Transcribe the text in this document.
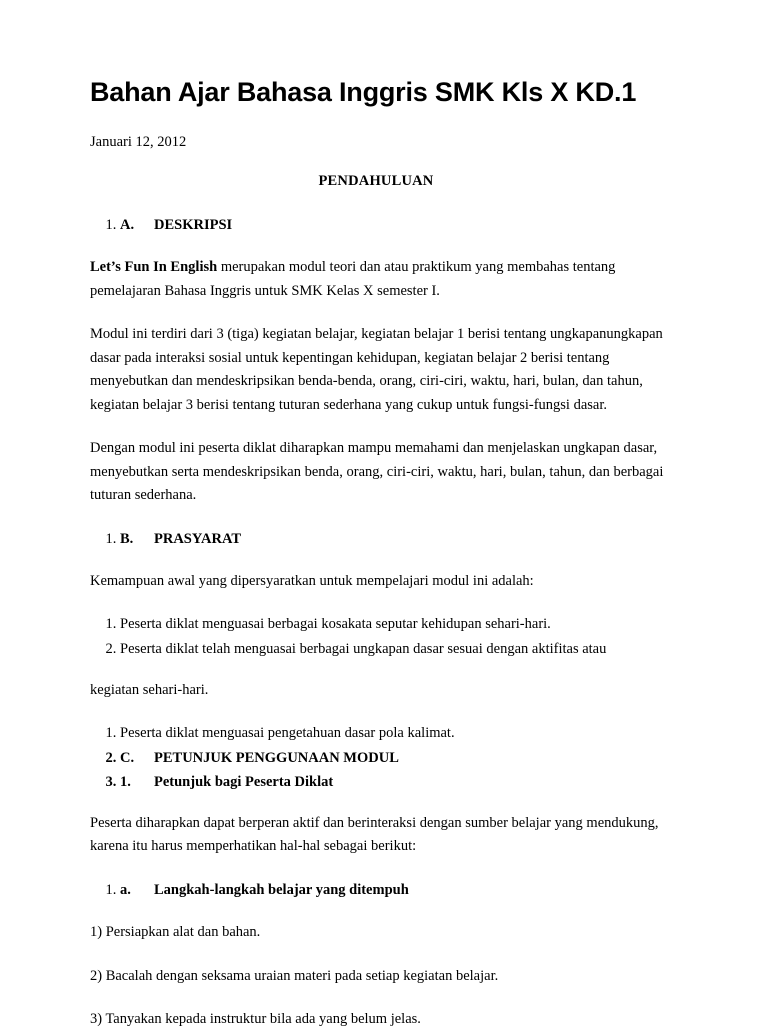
Bahan Ajar Bahasa Inggris SMK Kls X KD.1

Januari 12, 2012

PENDAHULUAN

1. A. DESKRIPSI

Let’s Fun In English merupakan modul teori dan atau praktikum yang membahas tentang pemelajaran Bahasa Inggris untuk SMK Kelas X semester I.

Modul ini terdiri dari 3 (tiga) kegiatan belajar, kegiatan belajar 1 berisi tentang ungkapanungkapan dasar pada interaksi sosial untuk kepentingan kehidupan, kegiatan belajar 2 berisi tentang menyebutkan dan mendeskripsikan benda-benda, orang, ciri-ciri, waktu, hari, bulan, dan tahun, kegiatan belajar 3 berisi tentang tuturan sederhana yang cukup untuk fungsi-fungsi dasar.

Dengan modul ini peserta diklat diharapkan mampu memahami dan menjelaskan ungkapan dasar, menyebutkan serta mendeskripsikan benda, orang, ciri-ciri, waktu, hari, bulan, tahun, dan berbagai tuturan sederhana.

1. B. PRASYARAT

Kemampuan awal yang dipersyaratkan untuk mempelajari modul ini adalah:

1. Peserta diklat menguasai berbagai kosakata seputar kehidupan sehari-hari.
2. Peserta diklat telah menguasai berbagai ungkapan dasar sesuai dengan aktifitas atau

kegiatan sehari-hari.

1. Peserta diklat menguasai pengetahuan dasar pola kalimat.
2. C. PETUNJUK PENGGUNAAN MODUL
3. 1. Petunjuk bagi Peserta Diklat

Peserta diharapkan dapat berperan aktif dan berinteraksi dengan sumber belajar yang mendukung, karena itu harus memperhatikan hal-hal sebagai berikut:

1. a. Langkah-langkah belajar yang ditempuh

1) Persiapkan alat dan bahan.

2) Bacalah dengan seksama uraian materi pada setiap kegiatan belajar.

3) Tanyakan kepada instruktur bila ada yang belum jelas.
